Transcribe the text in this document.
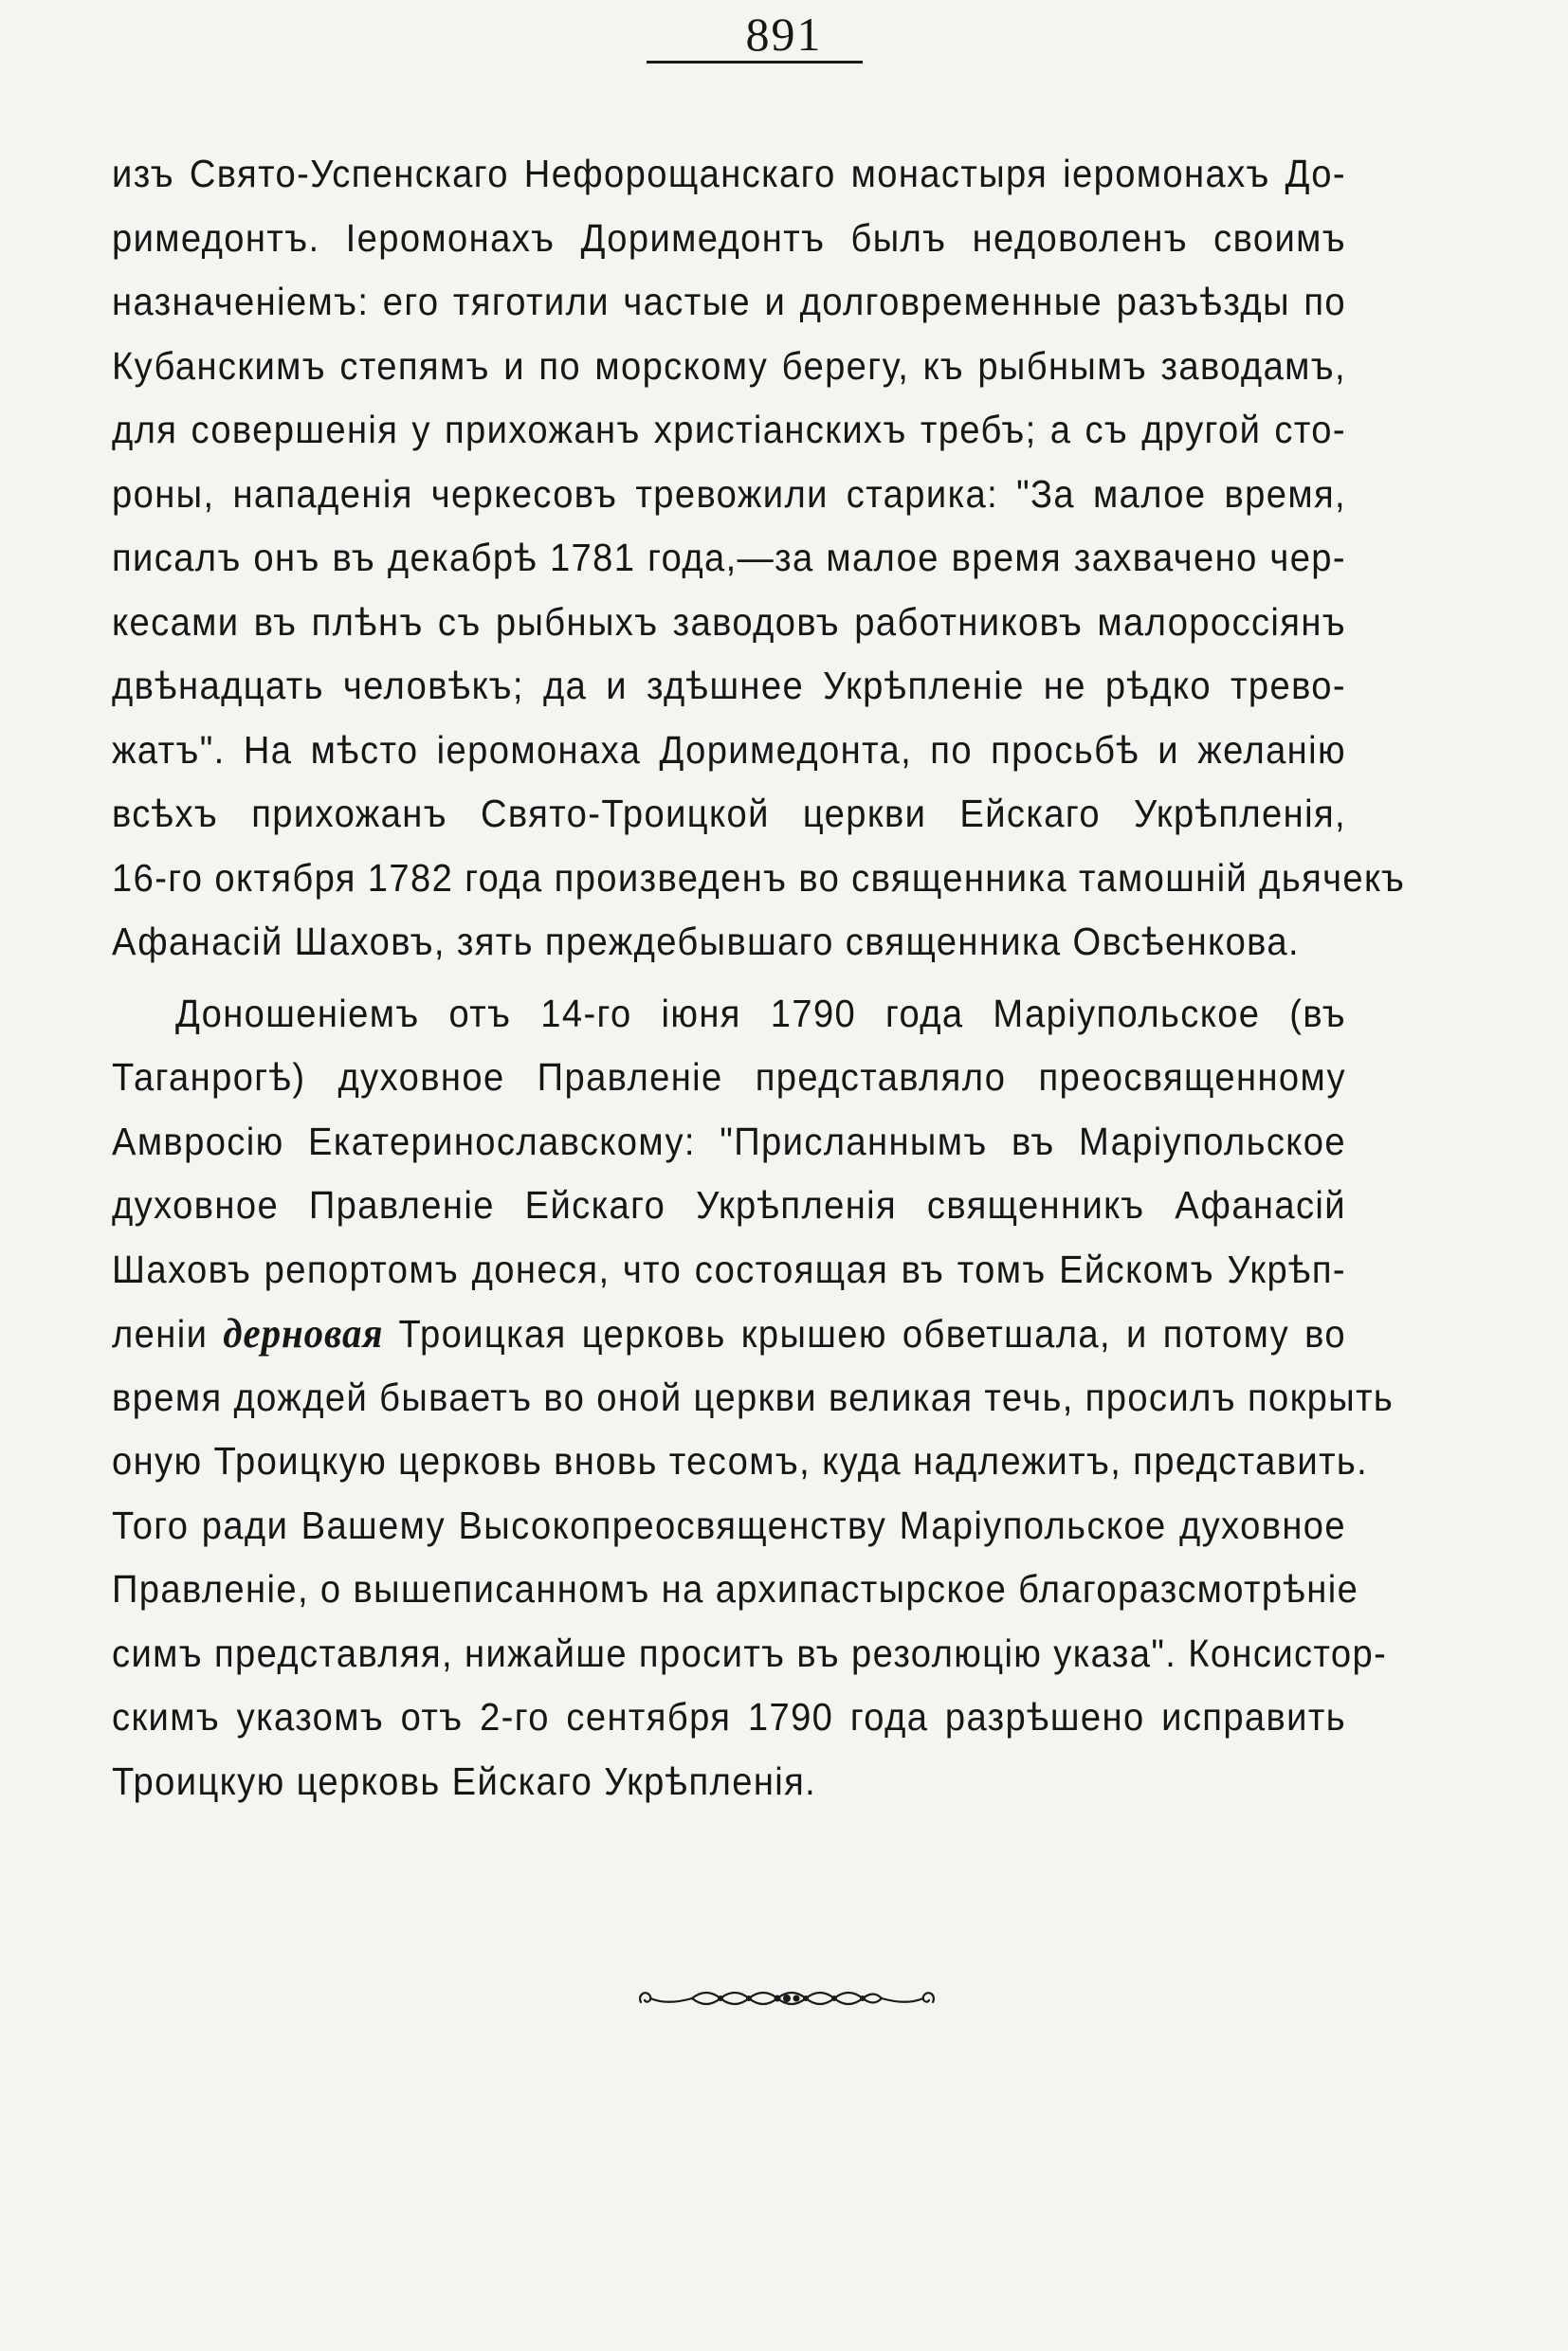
891
изъ Свято-Успенскаго Нефорощанскаго монастыря iеромонахъ До-
римедонтъ. Iеромонахъ Доримедонтъ былъ недоволенъ своимъ
назначенiемъ: его тяготили частые и долговременные разъѣзды по
Кубанскимъ степямъ и по морскому берегу, къ рыбнымъ заводамъ,
для совершенiя у прихожанъ христiанскихъ требъ; а съ другой сто-
роны, нападенiя черкесовъ тревожили старика: "За малое время,
писалъ онъ въ декабрѣ 1781 года,—за малое время захвачено чер-
кесами въ плѣнъ съ рыбныхъ заводовъ работниковъ малороссiянъ
двѣнадцать человѣкъ; да и здѣшнее Укрѣпленiе не рѣдко трево-
жатъ". На мѣсто iеромонаха Доримедонта, по просьбѣ и желанiю
всѣхъ прихожанъ Свято-Троицкой церкви Ейскаго Укрѣпленiя,
16-го октября 1782 года произведенъ во священника тамошнiй дьячекъ
Афанасiй Шаховъ, зять преждебывшаго священника Овсѣенкова.
Доношенiемъ отъ 14-го iюня 1790 года Марiупольское (въ
Таганрогѣ) духовное Правленiе представляло преосвященному
Амвросiю Екатеринославскому: "Присланнымъ въ Марiупольское
духовное Правленiе Ейскаго Укрѣпленiя священникъ Афанасiй
Шаховъ репортомъ донеся, что состоящая въ томъ Ейскомъ Укрѣп-
ленiи дерновая Троицкая церковь крышею обветшала, и потому во
время дождей бываетъ во оной церкви великая течь, просилъ покрыть
оную Троицкую церковь вновь тесомъ, куда надлежитъ, представить.
Того ради Вашему Высокопреосвященству Марiупольское духовное
Правленiе, о вышеписанномъ на архипастырское благоразсмотрѣнiе
симъ представляя, нижайше проситъ въ резолюцiю указа". Консистор-
скимъ указомъ отъ 2-го сентября 1790 года разрѣшено исправить
Троицкую церковь Ейскаго Укрѣпленiя.
